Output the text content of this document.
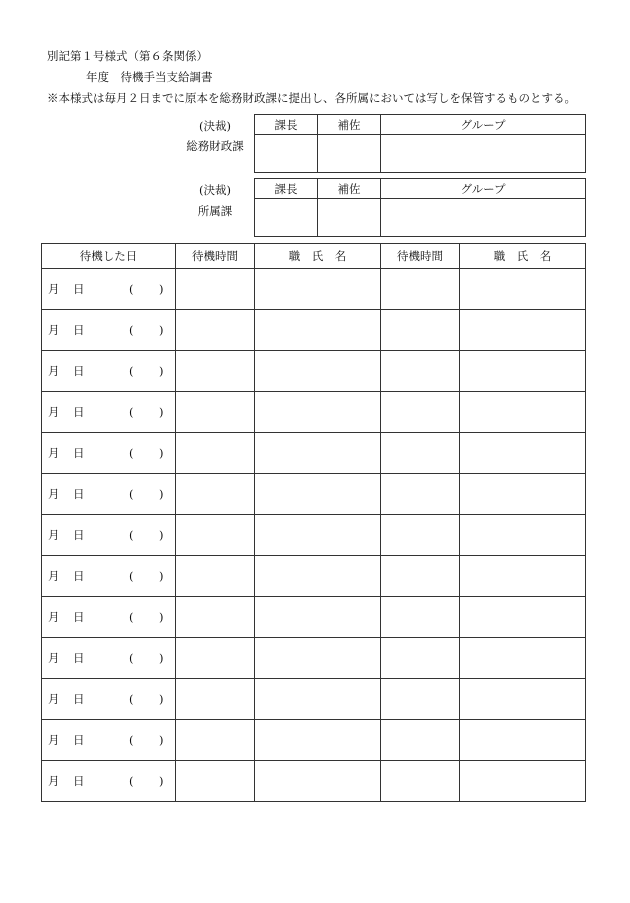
別記第１号様式（第６条関係）
年度　待機手当支給調書
※本様式は毎月２日までに原本を総務財政課に提出し、各所属においては写しを保管するものとする。
(決裁)
総務財政課
課長	補佐	グループ

(決裁)
所属課
課長	補佐	グループ

待機した日	待機時間	職　氏　名	待機時間	職　氏　名

月 日 ( )				

月 日 ( )				

月 日 ( )				

月 日 ( )				

月 日 ( )				

月 日 ( )				

月 日 ( )				

月 日 ( )				

月 日 ( )				

月 日 ( )				

月 日 ( )				

月 日 ( )				

月 日 ( )				
